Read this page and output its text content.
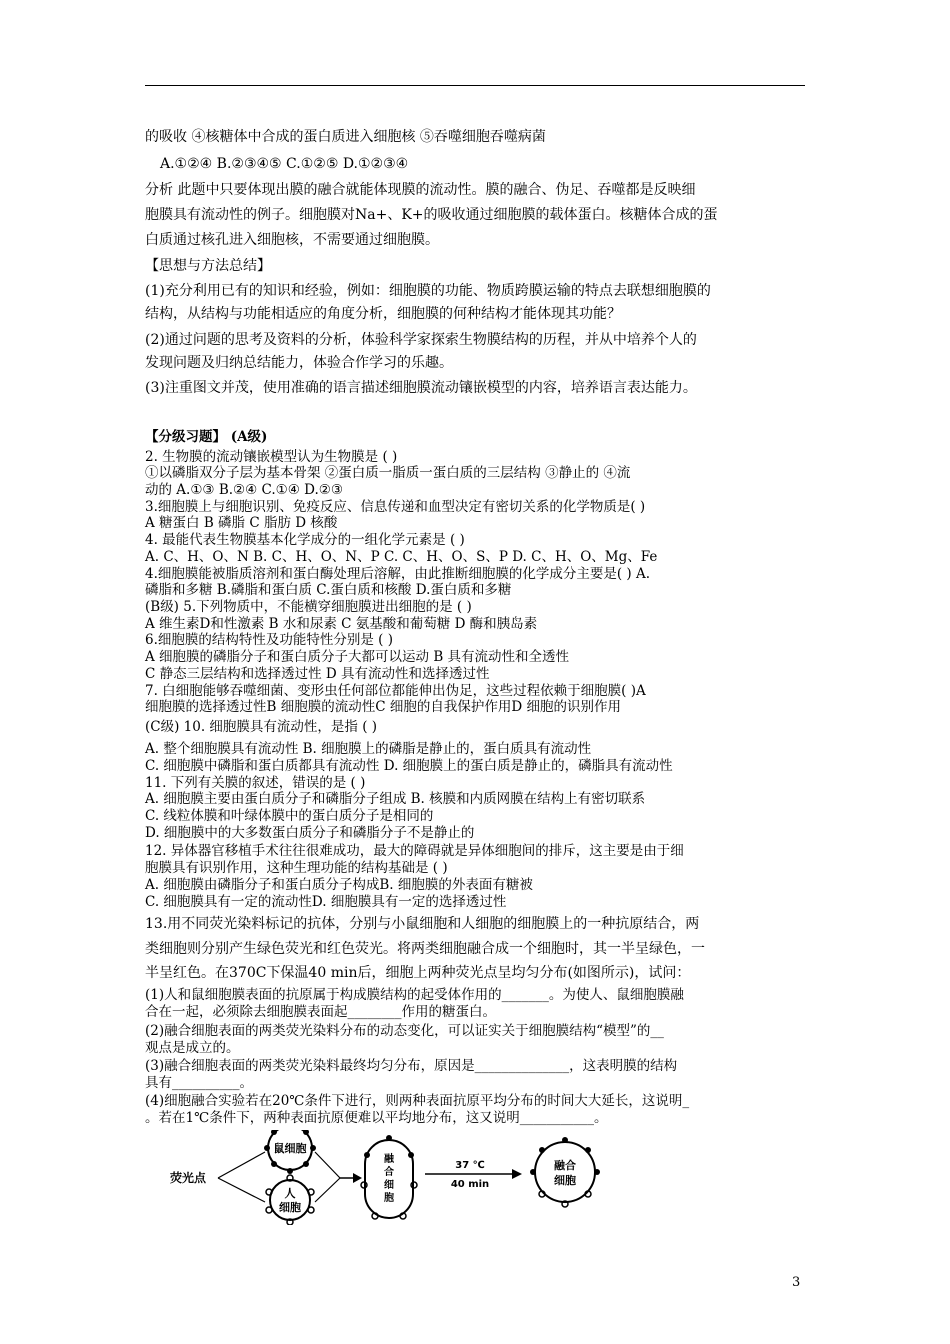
的吸收 ④核糖体中合成的蛋白质进入细胞核 ⑤吞噬细胞吞噬病菌
A.①②④ B.②③④⑤ C.①②⑤ D.①②③④
分析 此题中只要体现出膜的融合就能体现膜的流动性。膜的融合、伪足、吞噬都是反映细
胞膜具有流动性的例子。细胞膜对Na+、K+的吸收通过细胞膜的载体蛋白。核糖体合成的蛋
白质通过核孔进入细胞核，不需要通过细胞膜。
【思想与方法总结】
(1)充分利用已有的知识和经验，例如：细胞膜的功能、物质跨膜运输的特点去联想细胞膜的
结构，从结构与功能相适应的角度分析，细胞膜的何种结构才能体现其功能？
(2)通过问题的思考及资料的分析，体验科学家探索生物膜结构的历程，并从中培养个人的
发现问题及归纳总结能力，体验合作学习的乐趣。
(3)注重图文并茂，使用准确的语言描述细胞膜流动镶嵌模型的内容，培养语言表达能力。
【分级习题】 (A级)
2. 生物膜的流动镶嵌模型认为生物膜是 ( )
①以磷脂双分子层为基本骨架 ②蛋白质一脂质一蛋白质的三层结构 ③静止的 ④流
动的 A.①③ B.②④ C.①④ D.②③
3.细胞膜上与细胞识别、免疫反应、信息传递和血型决定有密切关系的化学物质是( )
A 糖蛋白 B 磷脂 C 脂肪 D 核酸
4. 最能代表生物膜基本化学成分的一组化学元素是 ( )
A. C、H、O、N B. C、H、O、N、P C. C、H、O、S、P D. C、H、O、Mg、Fe
4.细胞膜能被脂质溶剂和蛋白酶处理后溶解，由此推断细胞膜的化学成分主要是( ) A.
磷脂和多糖 B.磷脂和蛋白质 C.蛋白质和核酸 D.蛋白质和多糖
(B级) 5.下列物质中，不能横穿细胞膜进出细胞的是 ( )
A 维生素D和性激素 B 水和尿素 C 氨基酸和葡萄糖 D 酶和胰岛素
6.细胞膜的结构特性及功能特性分别是 ( )
A 细胞膜的磷脂分子和蛋白质分子大都可以运动 B 具有流动性和全透性
C 静态三层结构和选择透过性 D 具有流动性和选择透过性
7. 白细胞能够吞噬细菌、变形虫任何部位都能伸出伪足，这些过程依赖于细胞膜( )A
细胞膜的选择透过性B 细胞膜的流动性C 细胞的自我保护作用D 细胞的识别作用
(C级) 10. 细胞膜具有流动性，是指 ( )
A. 整个细胞膜具有流动性 B. 细胞膜上的磷脂是静止的，蛋白质具有流动性
C. 细胞膜中磷脂和蛋白质都具有流动性 D. 细胞膜上的蛋白质是静止的，磷脂具有流动性
11. 下列有关膜的叙述，错误的是 ( )
A. 细胞膜主要由蛋白质分子和磷脂分子组成 B. 核膜和内质网膜在结构上有密切联系
C. 线粒体膜和叶绿体膜中的蛋白质分子是相同的
D. 细胞膜中的大多数蛋白质分子和磷脂分子不是静止的
12. 异体器官移植手术往往很难成功，最大的障碍就是异体细胞间的排斥，这主要是由于细
胞膜具有识别作用，这种生理功能的结构基础是 ( )
A. 细胞膜由磷脂分子和蛋白质分子构成B. 细胞膜的外表面有糖被
C. 细胞膜具有一定的流动性D. 细胞膜具有一定的选择透过性
13.用不同荧光染料标记的抗体，分别与小鼠细胞和人细胞的细胞膜上的一种抗原结合，两
类细胞则分别产生绿色荧光和红色荧光。将两类细胞融合成一个细胞时，其一半呈绿色，一
半呈红色。在370C下保温40 min后，细胞上两种荧光点呈均匀分布(如图所示)，试问：
(1)人和鼠细胞膜表面的抗原属于构成膜结构的起受体作用的_______。为使人、鼠细胞膜融
合在一起，必须除去细胞膜表面起________作用的糖蛋白。
(2)融合细胞表面的两类荧光染料分布的动态变化，可以证实关于细胞膜结构“模型”的__
观点是成立的。
(3)融合细胞表面的两类荧光染料最终均匀分布，原因是______________，这表明膜的结构
具有__________。
(4)细胞融合实验若在20℃条件下进行，则两种表面抗原平均分布的时间大大延长，这说明_
。若在1℃条件下，两种表面抗原便难以平均地分布，这又说明___________。
荧光点
鼠细胞
人
细胞
融
合
细
胞
37 ℃
40 min
融合
细胞
3
